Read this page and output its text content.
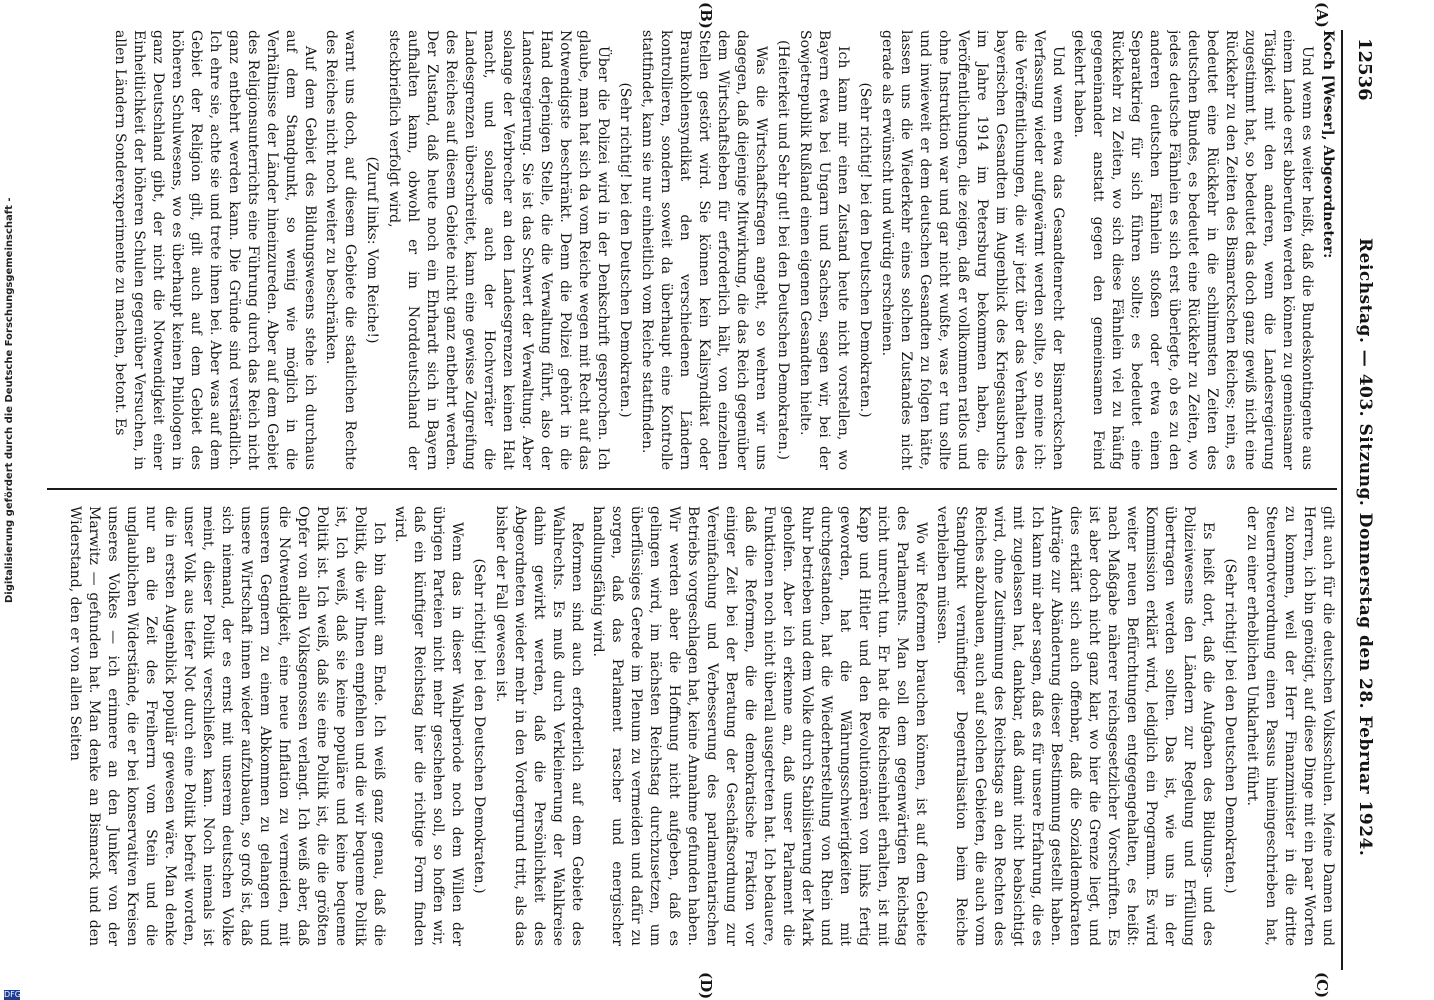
12536
Reichstag. — 403. Sitzung. Donnerstag den 28. Februar 1924.
(A)
(B)
(C)
(D)

Koch [Weser], Abgeordneter:

Und wenn es weiter heißt, daß die Bundeskontingente aus einem Lande erst abberufen werden können zu gemeinsamer Tätigkeit mit den anderen, wenn die Landesregierung zugestimmt hat, so bedeutet das doch ganz gewiß nicht eine Rückkehr zu den Zeiten des Bismarckschen Reiches; nein, es bedeutet eine Rückkehr in die schlimmsten Zeiten des deutschen Bundes, es bedeutet eine Rückkehr zu Zeiten, wo jedes deutsche Fähnlein es sich erst überlegte, ob es zu den anderen deutschen Fähnlein stoßen oder etwa einen Separatkrieg für sich führen sollte; es bedeutet eine Rückkehr zu Zeiten, wo sich diese Fähnlein viel zu häufig gegeneinander anstatt gegen den gemeinsamen Feind gekehrt haben.

Und wenn etwa das Gesandtenrecht der Bismarckschen Verfassung wieder aufgewärmt werden sollte, so meine ich: die Veröffentlichungen, die wir jetzt über das Verhalten des bayerischen Gesandten im Augenblick des Kriegsausbruchs im Jahre 1914 im Petersburg bekommen haben, die Veröffentlichungen, die zeigen, daß er vollkommen ratlos und ohne Instruktion war und gar nicht wußte, was er tun sollte und inwieweit er dem deutschen Gesandten zu folgen hätte, lassen uns die Wiederkehr eines solchen Zustandes nicht gerade als erwünscht und würdig erscheinen.

(Sehr richtig! bei den Deutschen Demokraten.)

Ich kann mir einen Zustand heute nicht vorstellen, wo Bayern etwa bei Ungarn und Sachsen, sagen wir, bei der Sowjetrepublik Rußland einen eigenen Gesandten hielte.

(Heiterkeit und Sehr gut! bei den Deutschen Demokraten.)

Was die Wirtschaftsfragen angeht, so wehren wir uns dagegen, daß diejenige Mitwirkung, die das Reich gegenüber dem Wirtschaftsleben für erforderlich hält, von einzelnen Stellen gestört wird. Sie können kein Kalisyndikat oder Braunkohlensyndikat den verschiedenen Ländern kontrollieren, sondern soweit da überhaupt eine Kontrolle stattfindet, kann sie nur einheitlich vom Reiche stattfinden.

(Sehr richtig! bei den Deutschen Demokraten.)

Über die Polizei wird in der Denkschrift gesprochen. Ich glaube, man hat sich da vom Reiche wegen mit Recht auf das Notwendigste beschränkt. Denn die Polizei gehört in die Hand derjenigen Stelle, die die Verwaltung führt, also der Landesregierung. Sie ist das Schwert der Verwaltung. Aber solange der Verbrecher an den Landesgrenzen keinen Halt macht, und solange auch der Hochverräter die Landesgrenzen überschreitet, kann eine gewisse Zugreifung des Reiches auf diesem Gebiete nicht ganz entbehrt werden. Der Zustand, daß heute noch ein Ehrhardt sich in Bayern aufhalten kann, obwohl er im Norddeutschland der steckbrieflich verfolgt wird,

(Zuruf links: Vom Reiche!)

warnt uns doch, auf diesem Gebiete die staatlichen Rechte des Reiches nicht noch weiter zu beschränken.

Auf dem Gebiet des Bildungswesens stehe ich durchaus auf dem Standpunkt, so wenig wie möglich in die Verhältnisse der Länder hineinzureden. Aber auf dem Gebiet des Religionsunterrichts eine Führung durch das Reich nicht ganz entbehrt werden kann. Die Gründe sind verständlich. Ich ehre sie, achte sie und trete ihnen bei. Aber was auf dem Gebiet der Religion gilt, gilt auch auf dem Gebiet des höheren Schulwesens, wo es überhaupt keinen Philologen in ganz Deutschland gibt, der nicht die Notwendigkeit einer Einheitlichkeit der höheren Schulen gegenüber Versuchen, in allen Ländern Sonderexperimente zu machen, betont. Es

gilt auch für die deutschen Volksschulen. Meine Damen und Herren, ich bin genötigt, auf diese Dinge mit ein paar Worten zu kommen, weil der Herr Finanzminister in die dritte Steuernotverordnung einen Passus hineingeschrieben hat, der zu einer erheblichen Unklarheit führt.

(Sehr richtig! bei den Deutschen Demokraten.)

Es heißt dort, daß die Aufgaben des Bildungs- und des Polizeiwesens den Ländern zur Regelung und Erfüllung übertragen werden sollten. Das ist, wie uns in der Kommission erklärt wird, lediglich ein Programm. Es wird weiter neuen Befürchtungen entgegengehalten, es heißt: nach Maßgabe näherer reichsgesetzlicher Vorschriften. Es ist aber doch nicht ganz klar, wo hier die Grenze liegt, und dies erklärt sich auch offenbar, daß die Sozialdemokraten Anträge zur Abänderung dieser Bestimmung gestellt haben. Ich kann mir aber sagen, daß es für unsere Erfahrung, die es mit zugelassen hat, dankbar, daß damit nicht beabsichtigt wird, ohne Zustimmung des Reichstags an den Rechten des Reiches abzubauen, auch auf solchen Gebieten, die auch vom Standpunkt vernünftiger Degentralisation beim Reiche verbleiben müssen.

Wo wir Reformen brauchen können, ist auf dem Gebiete des Parlaments. Man soll dem gegenwärtigen Reichstag nicht unrecht tun. Er hat die Reichseinheit erhalten, ist mit Kapp und Hitler und den Revolutionären von links fertig geworden, hat die Währungsschwierigkeiten mit durchgestanden, hat die Wiederherstellung von Rhein und Ruhr betrieben und dem Volke durch Stabilisierung der Mark geholfen. Aber ich erkenne an, daß unser Parlament die Funktionen noch nicht überall ausgetreten hat. Ich bedauere, daß die Reformen, die die demokratische Fraktion vor einiger Zeit bei der Beratung der Geschäftsordnung zur Vereinfachung und Verbesserung des parlamentarischen Betriebs vorgeschlagen hat, keine Annahme gefunden haben. Wir werden aber die Hoffnung nicht aufgeben, daß es gelingen wird, im nächsten Reichstag durchzusetzen, um überflüssiges Gerede im Plenum zu vermeiden und dafür zu sorgen, daß das Parlament rascher und energischer handlungsfähig wird.

Reformen sind auch erforderlich auf dem Gebiete des Wahlrechts. Es muß durch Verkleinerung der Wahlkreise dahin gewirkt werden, daß die Persönlichkeit des Abgeordneten wieder mehr in den Vordergrund tritt, als das bisher der Fall gewesen ist.

(Sehr richtig! bei den Deutschen Demokraten.)

Wenn das in dieser Wahlperiode noch dem Willen der übrigen Parteien nicht mehr geschehen soll, so hoffen wir, daß ein künftiger Reichstag hier die richtige Form finden wird.

Ich bin damit am Ende. Ich weiß ganz genau, daß die Politik, die wir Ihnen empfehlen und die wir bequeme Politik ist, Ich weiß, daß sie keine populäre und keine bequeme Politik ist. Ich weiß, daß sie eine Politik ist, die die größten Opfer von allen Volksgenossen verlangt. Ich weiß aber, daß die Notwendigkeit, eine neue Inflation zu vermeiden, mit unseren Gegnern zu einem Abkommen zu gelangen und unsere Wirtschaft innen wieder aufzubauen, so groß ist, daß sich niemand, der es ernst mit unserem deutschen Volke meint, dieser Politik verschließen kann. Noch niemals ist unser Volk aus tiefer Not durch eine Politik befreit worden, die in ersten Augenblick populär gewesen wäre. Man denke nur an die Zeit des Freiherrn vom Stein und die unglaublichen Widerstände, die er bei konservativen Kreisen unseres Volkes — ich erinnere an den Junker von der Marwitz — gefunden hat. Man denke an Bismarck und den Widerstand, den er von allen Seiten

Digitalisierung gefördert durch die Deutsche Forschungsgemeinschaft -
DFG
